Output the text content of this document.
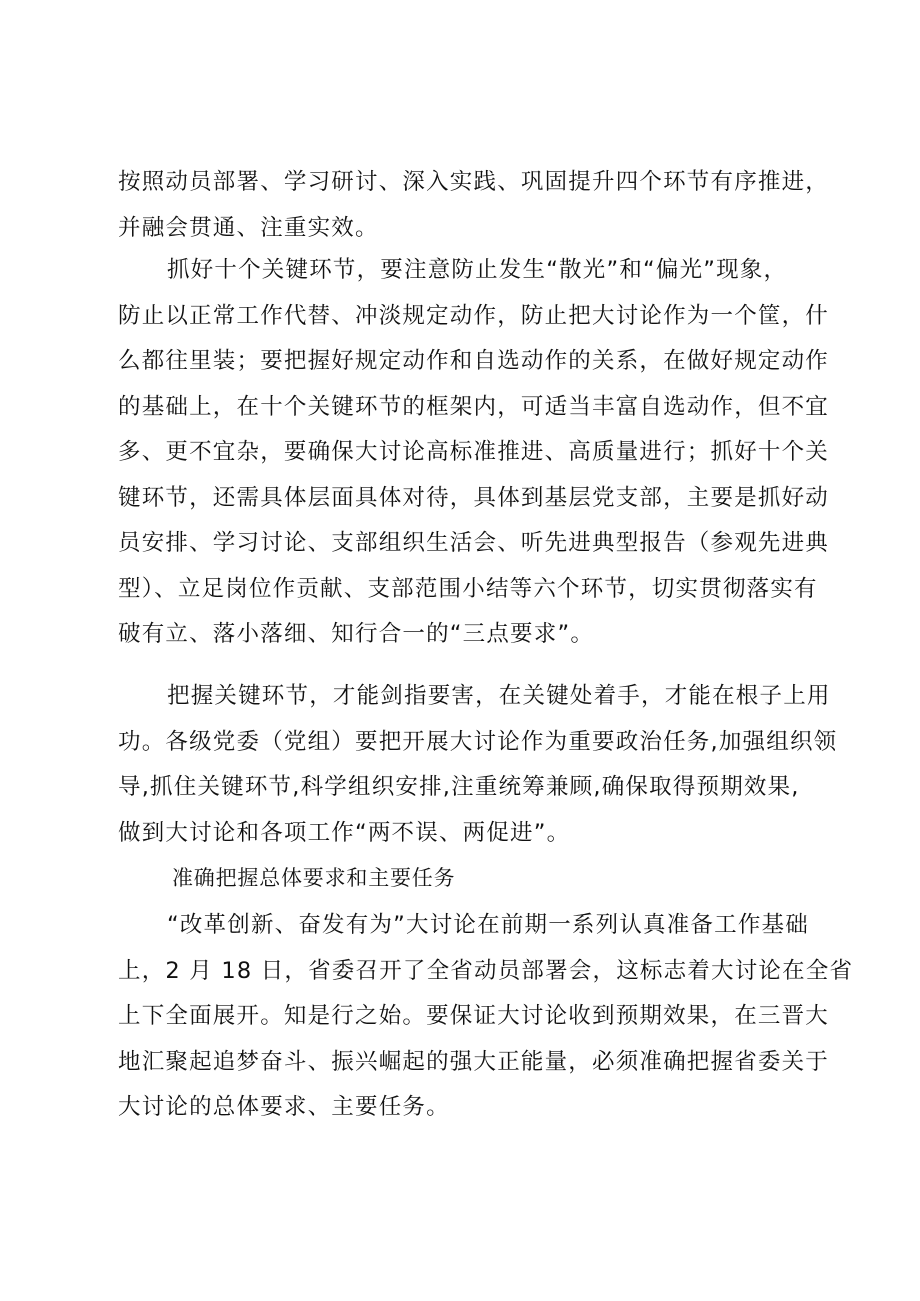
按照动员部署、学习研讨、深入实践、巩固提升四个环节有序推进，
并融会贯通、注重实效。
抓好十个关键环节，要注意防止发生“散光”和“偏光”现象，
防止以正常工作代替、冲淡规定动作，防止把大讨论作为一个筐，什
么都往里装；要把握好规定动作和自选动作的关系，在做好规定动作
的基础上，在十个关键环节的框架内，可适当丰富自选动作，但不宜
多、更不宜杂，要确保大讨论高标准推进、高质量进行；抓好十个关
键环节，还需具体层面具体对待，具体到基层党支部，主要是抓好动
员安排、学习讨论、支部组织生活会、听先进典型报告（参观先进典
型）、立足岗位作贡献、支部范围小结等六个环节，切实贯彻落实有
破有立、落小落细、知行合一的“三点要求”。
把握关键环节，才能剑指要害，在关键处着手，才能在根子上用
功。各级党委（党组）要把开展大讨论作为重要政治任务,加强组织领
导,抓住关键环节,科学组织安排,注重统筹兼顾,确保取得预期效果,
做到大讨论和各项工作“两不误、两促进”。
准确把握总体要求和主要任务
“改革创新、奋发有为”大讨论在前期一系列认真准备工作基础
上，2 月 18 日，省委召开了全省动员部署会，这标志着大讨论在全省
上下全面展开。知是行之始。要保证大讨论收到预期效果，在三晋大
地汇聚起追梦奋斗、振兴崛起的强大正能量，必须准确把握省委关于
大讨论的总体要求、主要任务。
